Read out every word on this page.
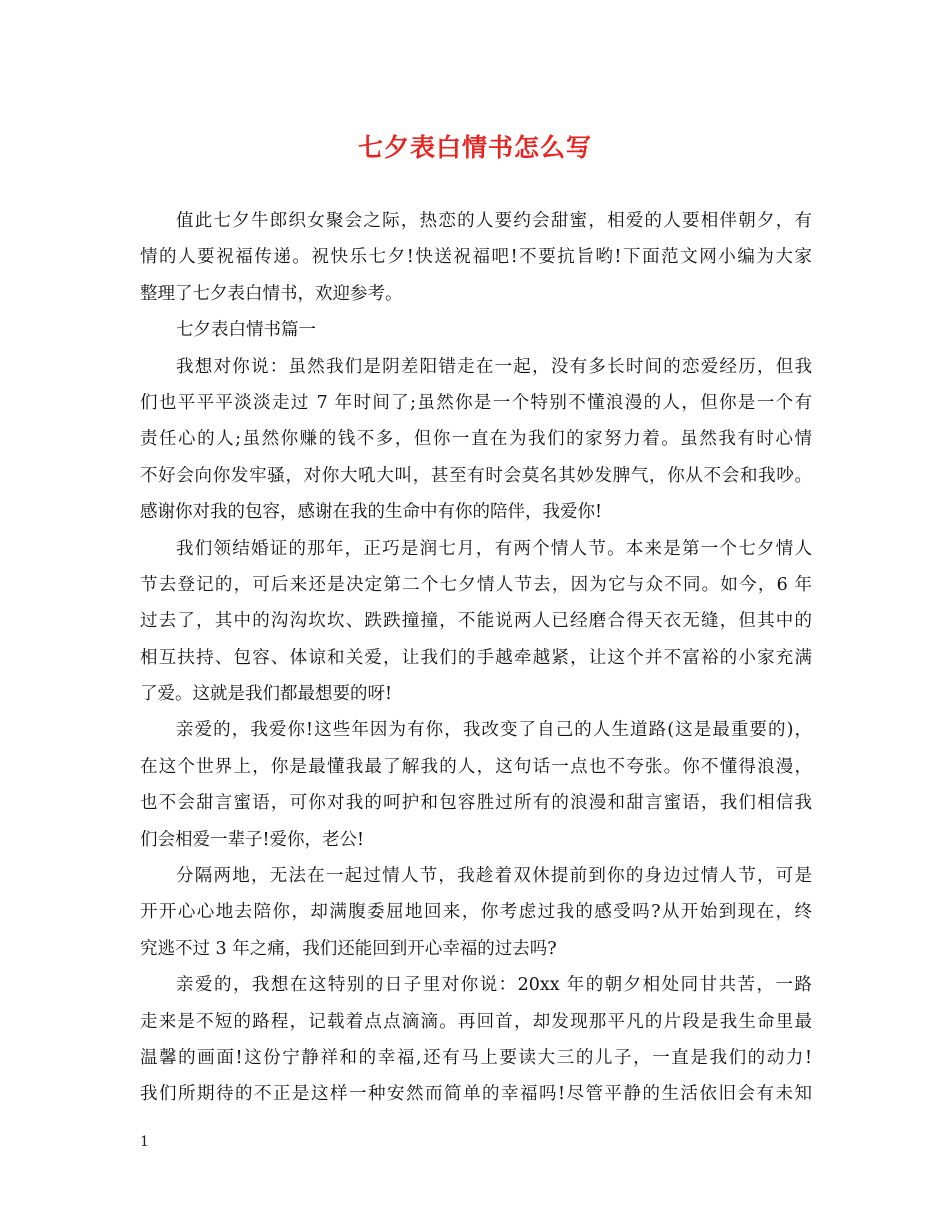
七夕表白情书怎么写
值此七夕牛郎织女聚会之际，热恋的人要约会甜蜜，相爱的人要相伴朝夕，有
情的人要祝福传递。祝快乐七夕!快送祝福吧!不要抗旨哟!下面范文网小编为大家
整理了七夕表白情书，欢迎参考。
七夕表白情书篇一
我想对你说：虽然我们是阴差阳错走在一起，没有多长时间的恋爱经历，但我
们也平平平淡淡走过 7 年时间了;虽然你是一个特别不懂浪漫的人，但你是一个有
责任心的人;虽然你赚的钱不多，但你一直在为我们的家努力着。虽然我有时心情
不好会向你发牢骚，对你大吼大叫，甚至有时会莫名其妙发脾气，你从不会和我吵。
感谢你对我的包容，感谢在我的生命中有你的陪伴，我爱你!
我们领结婚证的那年，正巧是润七月，有两个情人节。本来是第一个七夕情人
节去登记的，可后来还是决定第二个七夕情人节去，因为它与众不同。如今，6 年
过去了，其中的沟沟坎坎、跌跌撞撞，不能说两人已经磨合得天衣无缝，但其中的
相互扶持、包容、体谅和关爱，让我们的手越牵越紧，让这个并不富裕的小家充满
了爱。这就是我们都最想要的呀!
亲爱的，我爱你!这些年因为有你，我改变了自己的人生道路(这是最重要的)，
在这个世界上，你是最懂我最了解我的人，这句话一点也不夸张。你不懂得浪漫，
也不会甜言蜜语，可你对我的呵护和包容胜过所有的浪漫和甜言蜜语，我们相信我
们会相爱一辈子!爱你，老公!
分隔两地，无法在一起过情人节，我趁着双休提前到你的身边过情人节，可是
开开心心地去陪你，却满腹委屈地回来，你考虑过我的感受吗?从开始到现在，终
究逃不过 3 年之痛，我们还能回到开心幸福的过去吗?
亲爱的，我想在这特别的日子里对你说：20xx 年的朝夕相处同甘共苦，一路
走来是不短的路程，记载着点点滴滴。再回首，却发现那平凡的片段是我生命里最
温馨的画面!这份宁静祥和的幸福,还有马上要读大三的儿子，一直是我们的动力!
我们所期待的不正是这样一种安然而简单的幸福吗!尽管平静的生活依旧会有未知
1
